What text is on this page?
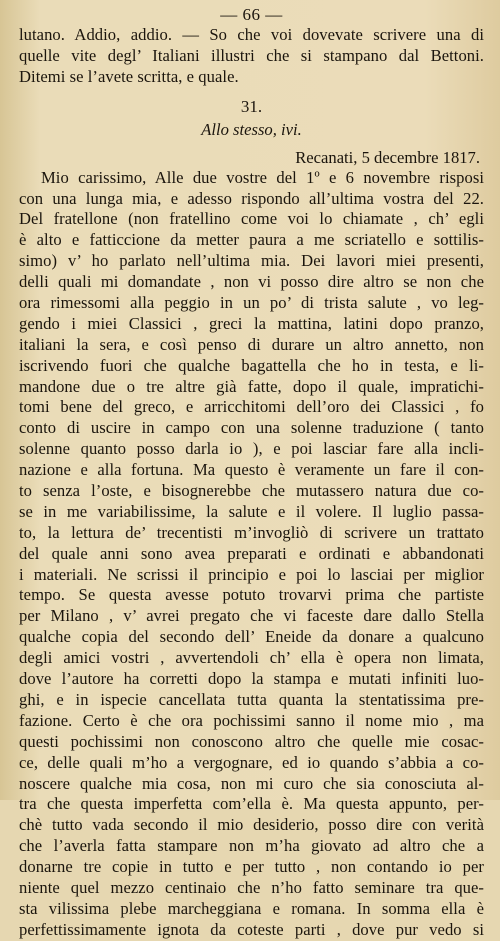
— 66 —
lutano. Addio, addio. — So che voi dovevate scrivere una di
quelle vite degl’ Italiani illustri che si stampano dal Bettoni.
Ditemi se l’avete scritta, e quale.
31.
Allo stesso, ivi.
Recanati, 5 decembre 1817.
Mio carissimo, Alle due vostre del 1º e 6 novembre risposi
con una lunga mia, e adesso rispondo all’ultima vostra del 22.
Del fratellone (non fratellino come voi lo chiamate , ch’ egli
è alto e fatticcione da metter paura a me scriatello e sottilis-
simo) v’ ho parlato nell’ultima mia. Dei lavori miei presenti,
delli quali mi domandate , non vi posso dire altro se non che
ora rimessomi alla peggio in un po’ di trista salute , vo leg-
gendo i miei Classici , greci la mattina, latini dopo pranzo,
italiani la sera, e così penso di durare un altro annetto, non
iscrivendo fuori che qualche bagattella che ho in testa, e li-
mandone due o tre altre già fatte, dopo il quale, impratichi-
tomi bene del greco, e arricchitomi dell’oro dei Classici , fo
conto di uscire in campo con una solenne traduzione ( tanto
solenne quanto posso darla io ), e poi lasciar fare alla incli-
nazione e alla fortuna. Ma questo è veramente un fare il con-
to senza l’oste, e bisognerebbe che mutassero natura due co-
se in me variabilissime, la salute e il volere. Il luglio passa-
to, la lettura de’ trecentisti m’invogliò di scrivere un trattato
del quale anni sono avea preparati e ordinati e abbandonati
i materiali. Ne scrissi il principio e poi lo lasciai per miglior
tempo. Se questa avesse potuto trovarvi prima che partiste
per Milano , v’ avrei pregato che vi faceste dare dallo Stella
qualche copia del secondo dell’ Eneide da donare a qualcuno
degli amici vostri , avvertendoli ch’ ella è opera non limata,
dove l’autore ha corretti dopo la stampa e mutati infiniti luo-
ghi, e in ispecie cancellata tutta quanta la stentatissima pre-
fazione. Certo è che ora pochissimi sanno il nome mio , ma
questi pochissimi non conoscono altro che quelle mie cosac-
ce, delle quali m’ho a vergognare, ed io quando s’abbia a co-
noscere qualche mia cosa, non mi curo che sia conosciuta al-
tra che questa imperfetta com’ella è. Ma questa appunto, per-
chè tutto vada secondo il mio desiderio, posso dire con verità
che l’averla fatta stampare non m’ha giovato ad altro che a
donarne tre copie in tutto e per tutto , non contando io per
niente quel mezzo centinaio che n’ho fatto seminare tra que-
sta vilissima plebe marcheggiana e romana. In somma ella è
perfettissimamente ignota da coteste parti , dove pur vedo si
